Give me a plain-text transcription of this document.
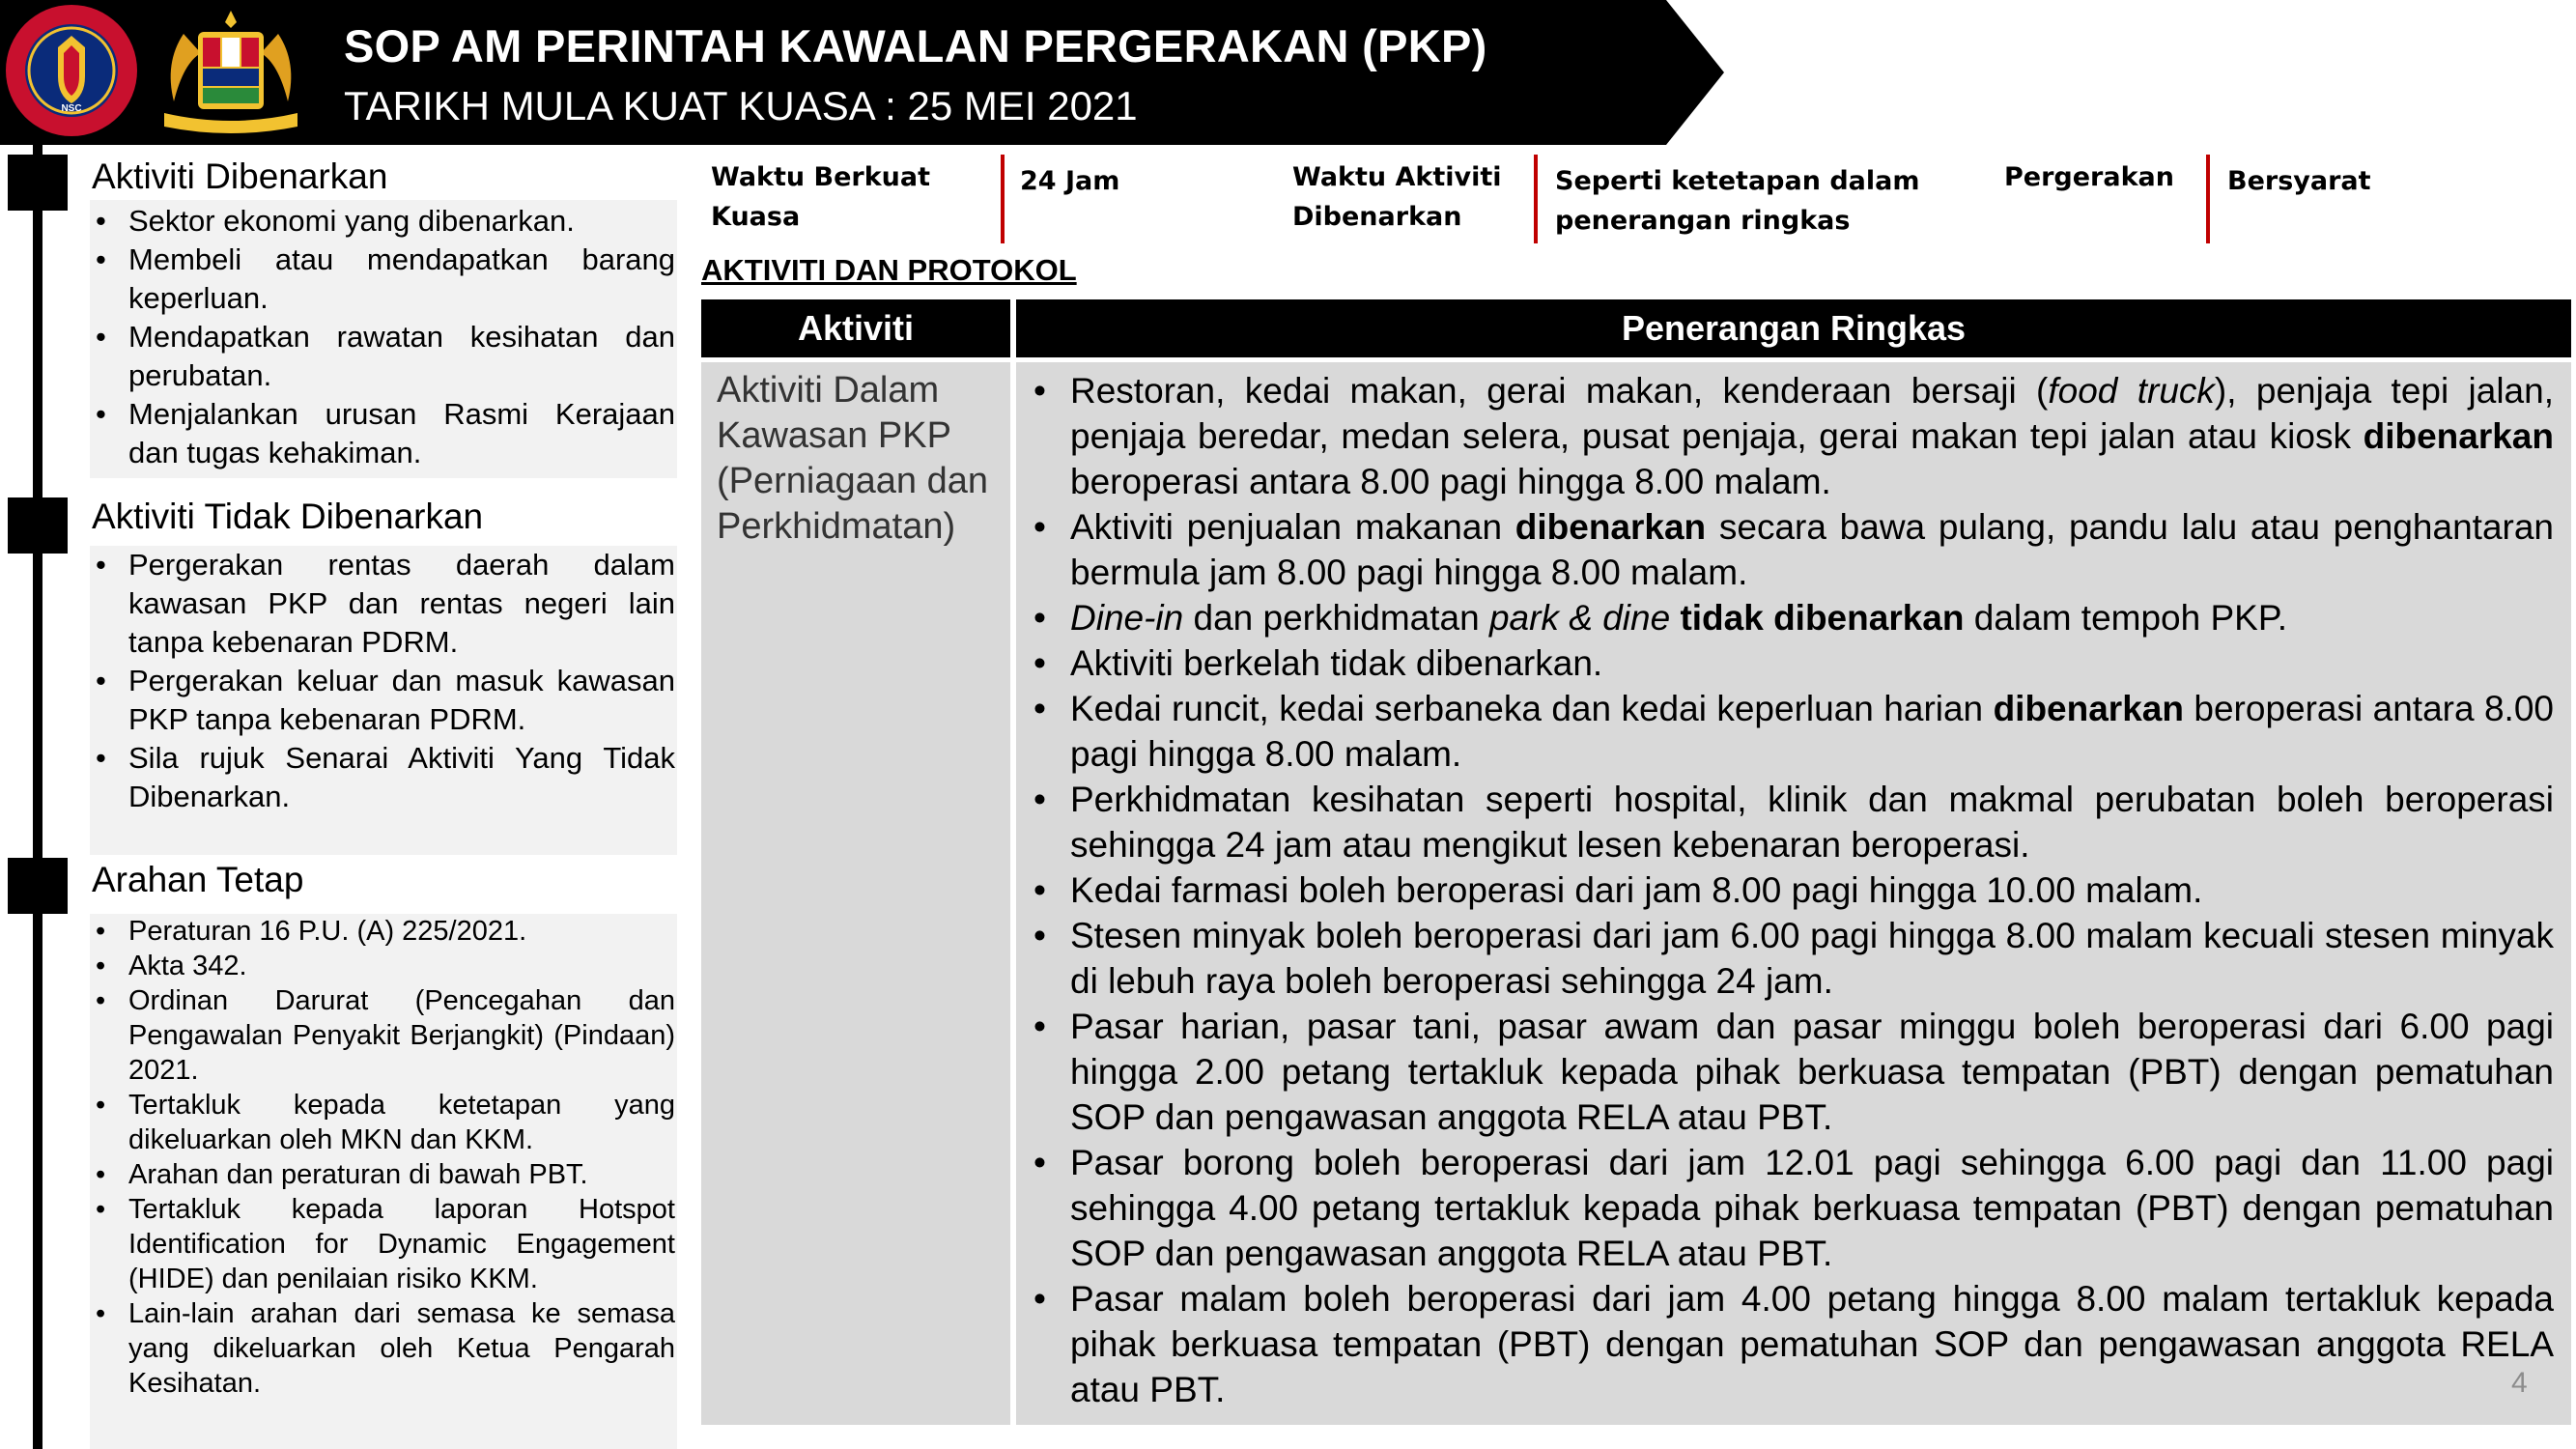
NSC
SOP AM PERINTAH KAWALAN PERGERAKAN (PKP)
TARIKH MULA KUAT KUASA : 25 MEI 2021
Aktiviti Dibenarkan
• Sektor ekonomi yang dibenarkan.
• Membeli atau mendapatkan barang keperluan.
• Mendapatkan rawatan kesihatan dan perubatan.
• Menjalankan urusan Rasmi Kerajaan dan tugas kehakiman.
Aktiviti Tidak Dibenarkan
• Pergerakan rentas daerah dalam kawasan PKP dan rentas negeri lain tanpa kebenaran PDRM.
• Pergerakan keluar dan masuk kawasan PKP tanpa kebenaran PDRM.
• Sila rujuk Senarai Aktiviti Yang Tidak Dibenarkan.
Arahan Tetap
• Peraturan 16 P.U. (A) 225/2021.
• Akta 342.
• Ordinan Darurat (Pencegahan dan Pengawalan Penyakit Berjangkit) (Pindaan) 2021.
• Tertakluk kepada ketetapan yang dikeluarkan oleh MKN dan KKM.
• Arahan dan peraturan di bawah PBT.
• Tertakluk kepada laporan Hotspot Identification for Dynamic Engagement (HIDE) dan penilaian risiko KKM.
• Lain-lain arahan dari semasa ke semasa yang dikeluarkan oleh Ketua Pengarah Kesihatan.
Waktu Berkuat Kuasa
24 Jam	Waktu Aktiviti Dibenarkan
Seperti ketetapan dalam penerangan ringkas
Pergerakan Bersyarat
AKTIVITI DAN PROTOKOL
Aktiviti	Penerangan Ringkas
Aktiviti Dalam Kawasan PKP (Perniagaan dan Perkhidmatan)
• Restoran, kedai makan, gerai makan, kenderaan bersaji (food truck), penjaja tepi jalan, penjaja beredar, medan selera, pusat penjaja, gerai makan tepi jalan atau kiosk dibenarkan beroperasi antara 8.00 pagi hingga 8.00 malam.
• Aktiviti penjualan makanan dibenarkan secara bawa pulang, pandu lalu atau penghantaran bermula jam 8.00 pagi hingga 8.00 malam.
• Dine-in dan perkhidmatan park & dine tidak dibenarkan dalam tempoh PKP.
• Aktiviti berkelah tidak dibenarkan.
• Kedai runcit, kedai serbaneka dan kedai keperluan harian dibenarkan beroperasi antara 8.00 pagi hingga 8.00 malam.
• Perkhidmatan kesihatan seperti hospital, klinik dan makmal perubatan boleh beroperasi sehingga 24 jam atau mengikut lesen kebenaran beroperasi.
• Kedai farmasi boleh beroperasi dari jam 8.00 pagi hingga 10.00 malam.
• Stesen minyak boleh beroperasi dari jam 6.00 pagi hingga 8.00 malam kecuali stesen minyak di lebuh raya boleh beroperasi sehingga 24 jam.
• Pasar harian, pasar tani, pasar awam dan pasar minggu boleh beroperasi dari 6.00 pagi hingga 2.00 petang tertakluk kepada pihak berkuasa tempatan (PBT) dengan pematuhan SOP dan pengawasan anggota RELA atau PBT.
• Pasar borong boleh beroperasi dari jam 12.01 pagi sehingga 6.00 pagi dan 11.00 pagi sehingga 4.00 petang tertakluk kepada pihak berkuasa tempatan (PBT) dengan pematuhan SOP dan pengawasan anggota RELA atau PBT.
• Pasar malam boleh beroperasi dari jam 4.00 petang hingga 8.00 malam tertakluk kepada pihak berkuasa tempatan (PBT) dengan pematuhan SOP dan pengawasan anggota RELA atau PBT.	4
